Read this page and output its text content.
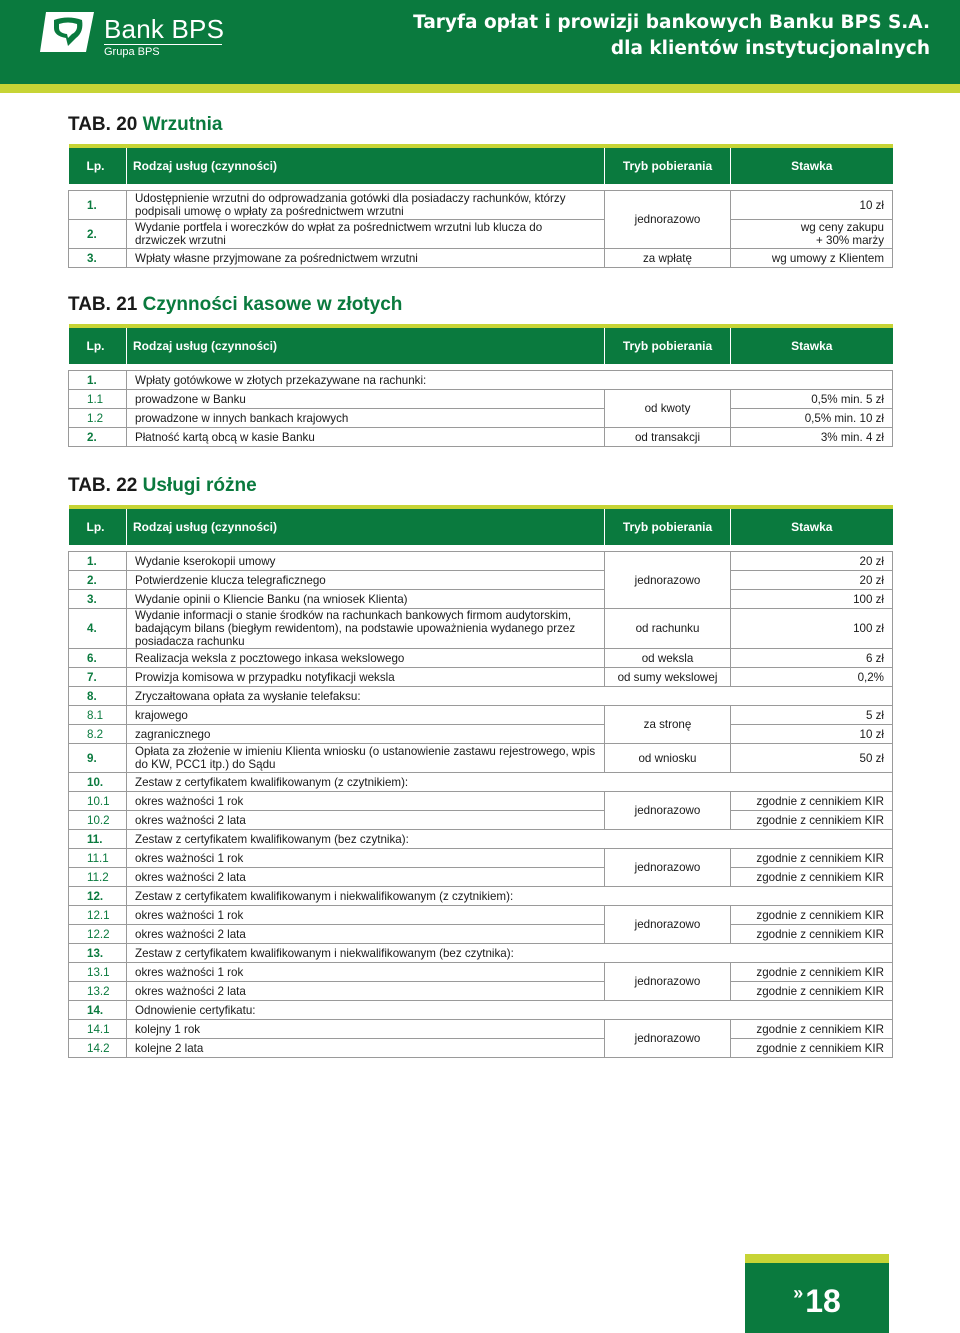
Bank BPS
Grupa BPS
Taryfa opłat i prowizji bankowych Banku BPS S.A.
dla klientów instytucjonalnych
TAB. 20 Wrzutnia
Lp.	Rodzaj usług (czynności)	Tryb pobierania	Stawka

1.	Udostępnienie wrzutni do odprowadzania gotówki dla posiadaczy rachunków, którzy podpisali umowę o wpłaty za pośrednictwem wrzutni	jednorazowo	10 zł
2.	Wydanie portfela i woreczków do wpłat za pośrednictwem wrzutni lub klucza do drzwiczek wrzutni		wg ceny zakupu
+ 30% marży

3.	Wpłaty własne przyjmowane za pośrednictwem wrzutni	za wpłatę	wg umowy z Klientem
TAB. 21 Czynności kasowe w złotych
Lp.	Rodzaj usług (czynności)	Tryb pobierania	Stawka

1.	Wpłaty gotówkowe w złotych przekazywane na rachunki:		
1.1	prowadzone w Banku	od kwoty	0,5% min. 5 zł
1.2	prowadzone w innych bankach krajowych		0,5% min. 10 zł
2.	Płatność kartą obcą w kasie Banku	od transakcji	3% min. 4 zł
TAB. 22 Usługi różne
Lp.	Rodzaj usług (czynności)	Tryb pobierania	Stawka

1.	Wydanie kserokopii umowy	jednorazowo	20 zł
2.	Potwierdzenie klucza telegraficznego		20 zł
3.	Wydanie opinii o Kliencie Banku (na wniosek Klienta)		100 zł
4.	Wydanie informacji o stanie środków na rachunkach bankowych firmom audytorskim, badającym bilans (biegłym rewidentom), na podstawie upoważnienia wydanego przez posiadacza rachunku	od rachunku	100 zł
6.	Realizacja weksla z pocztowego inkasa wekslowego	od weksla	6 zł
7.	Prowizja komisowa w przypadku notyfikacji weksla	od sumy wekslowej	0,2%
8.	Zryczałtowana opłata za wysłanie telefaksu:		
8.1	krajowego	za stronę	5 zł
8.2	zagranicznego		10 zł
9.	Opłata za złożenie w imieniu Klienta wniosku (o ustanowienie zastawu rejestrowego, wpis do KW, PCC1 itp.) do Sądu	od wniosku	50 zł
10.	Zestaw z certyfikatem kwalifikowanym (z czytnikiem):		
10.1	okres ważności 1 rok	jednorazowo	zgodnie z cennikiem KIR
10.2	okres ważności 2 lata		zgodnie z cennikiem KIR
11.	Zestaw z certyfikatem kwalifikowanym (bez czytnika):		
11.1	okres ważności 1 rok	jednorazowo	zgodnie z cennikiem KIR
11.2	okres ważności 2 lata		zgodnie z cennikiem KIR
12.	Zestaw z certyfikatem kwalifikowanym i niekwalifikowanym (z czytnikiem):		
12.1	okres ważności 1 rok	jednorazowo	zgodnie z cennikiem KIR
12.2	okres ważności 2 lata		zgodnie z cennikiem KIR
13.	Zestaw z certyfikatem kwalifikowanym i niekwalifikowanym (bez czytnika):		
13.1	okres ważności 1 rok	jednorazowo	zgodnie z cennikiem KIR
13.2	okres ważności 2 lata		zgodnie z cennikiem KIR
14.	Odnowienie certyfikatu:		
14.1	kolejny 1 rok	jednorazowo	zgodnie z cennikiem KIR
14.2	kolejne 2 lata		zgodnie z cennikiem KIR
»18
